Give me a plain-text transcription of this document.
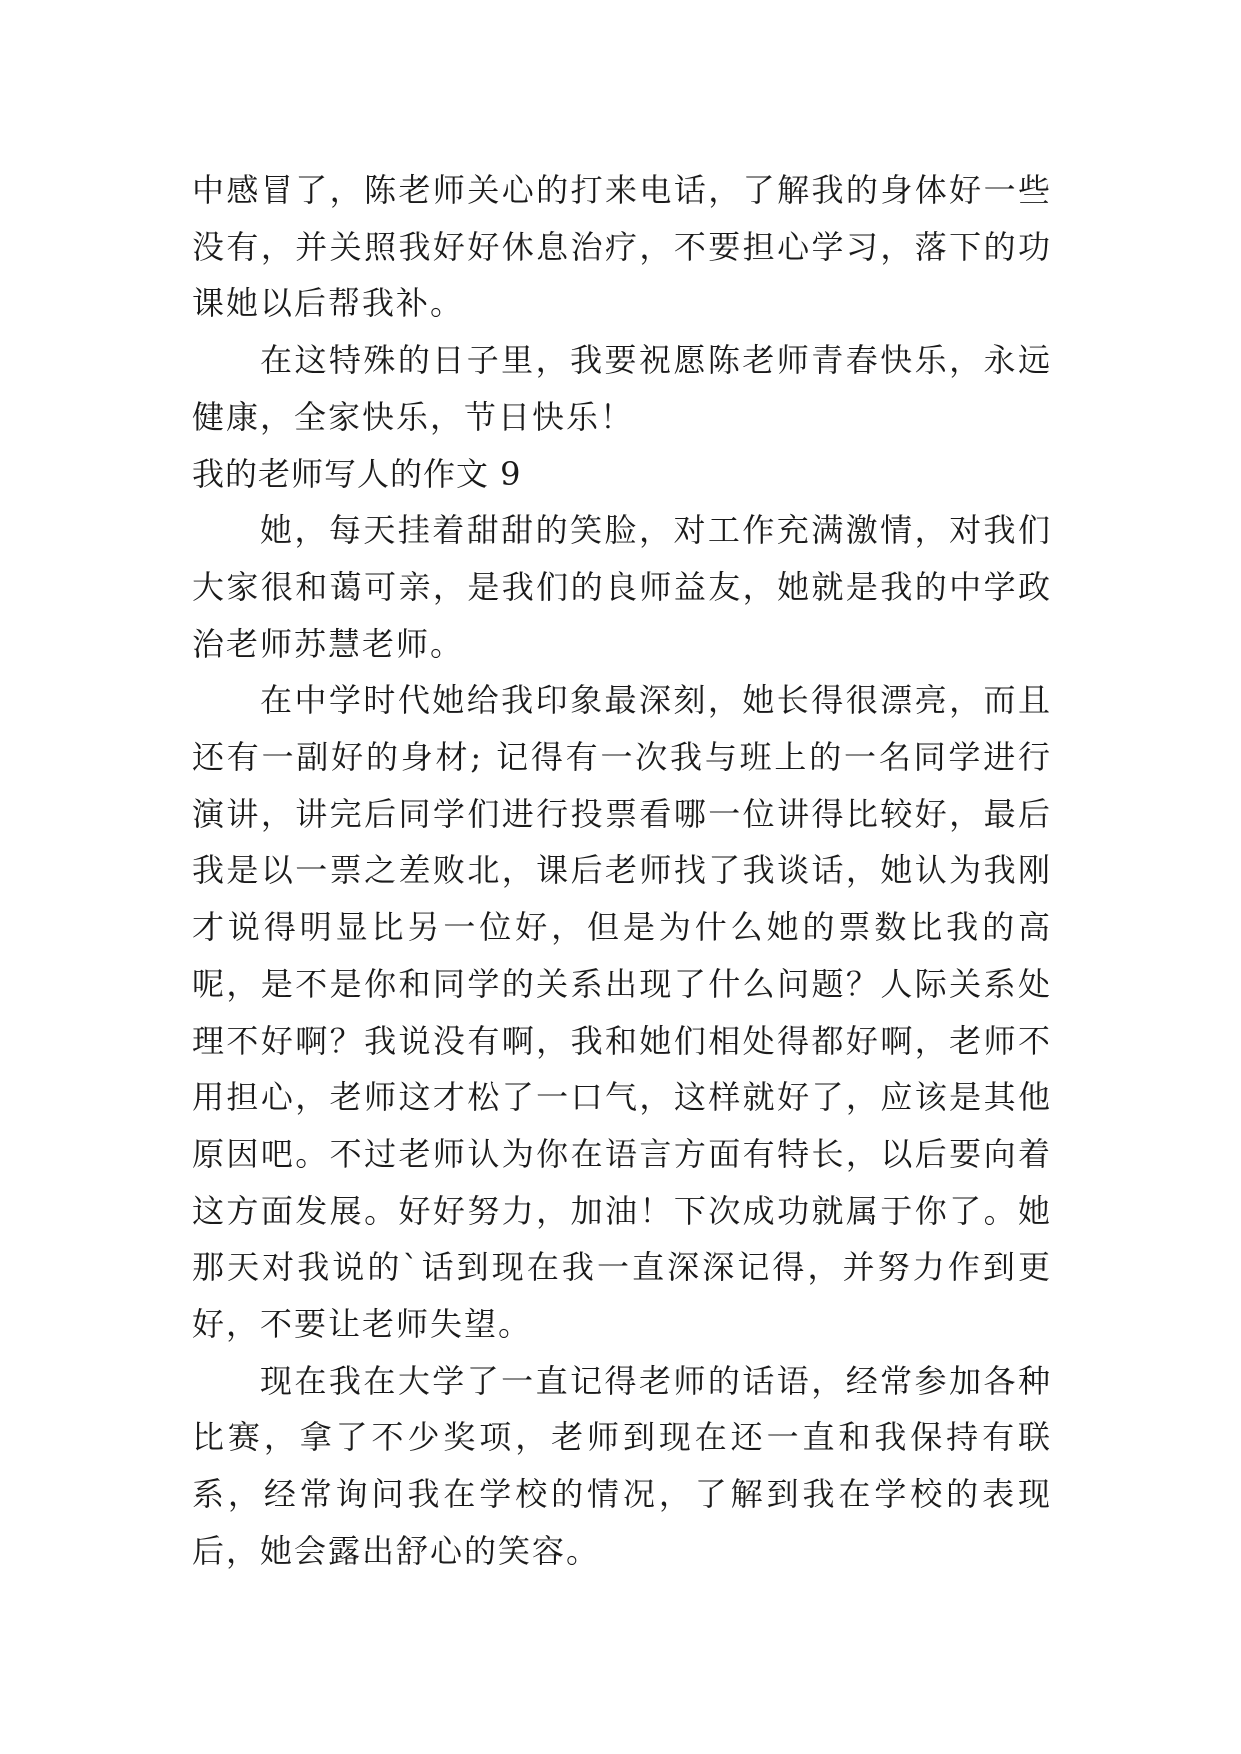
中感冒了，陈老师关心的打来电话，了解我的身体好一些没有，并关照我好好休息治疗，不要担心学习，落下的功课她以后帮我补。

在这特殊的日子里，我要祝愿陈老师青春快乐，永远健康，全家快乐，节日快乐！

我的老师写人的作文 9

她，每天挂着甜甜的笑脸，对工作充满激情，对我们大家很和蔼可亲，是我们的良师益友，她就是我的中学政治老师苏慧老师。

在中学时代她给我印象最深刻，她长得很漂亮，而且还有一副好的身材; 记得有一次我与班上的一名同学进行演讲，讲完后同学们进行投票看哪一位讲得比较好，最后我是以一票之差败北，课后老师找了我谈话，她认为我刚才说得明显比另一位好，但是为什么她的票数比我的高呢，是不是你和同学的关系出现了什么问题？人际关系处理不好啊？我说没有啊，我和她们相处得都好啊，老师不用担心，老师这才松了一口气，这样就好了，应该是其他原因吧。不过老师认为你在语言方面有特长，以后要向着这方面发展。好好努力，加油！下次成功就属于你了。她那天对我说的`话到现在我一直深深记得，并努力作到更好，不要让老师失望。

现在我在大学了一直记得老师的话语，经常参加各种比赛，拿了不少奖项，老师到现在还一直和我保持有联系，经常询问我在学校的情况，了解到我在学校的表现后，她会露出舒心的笑容。
